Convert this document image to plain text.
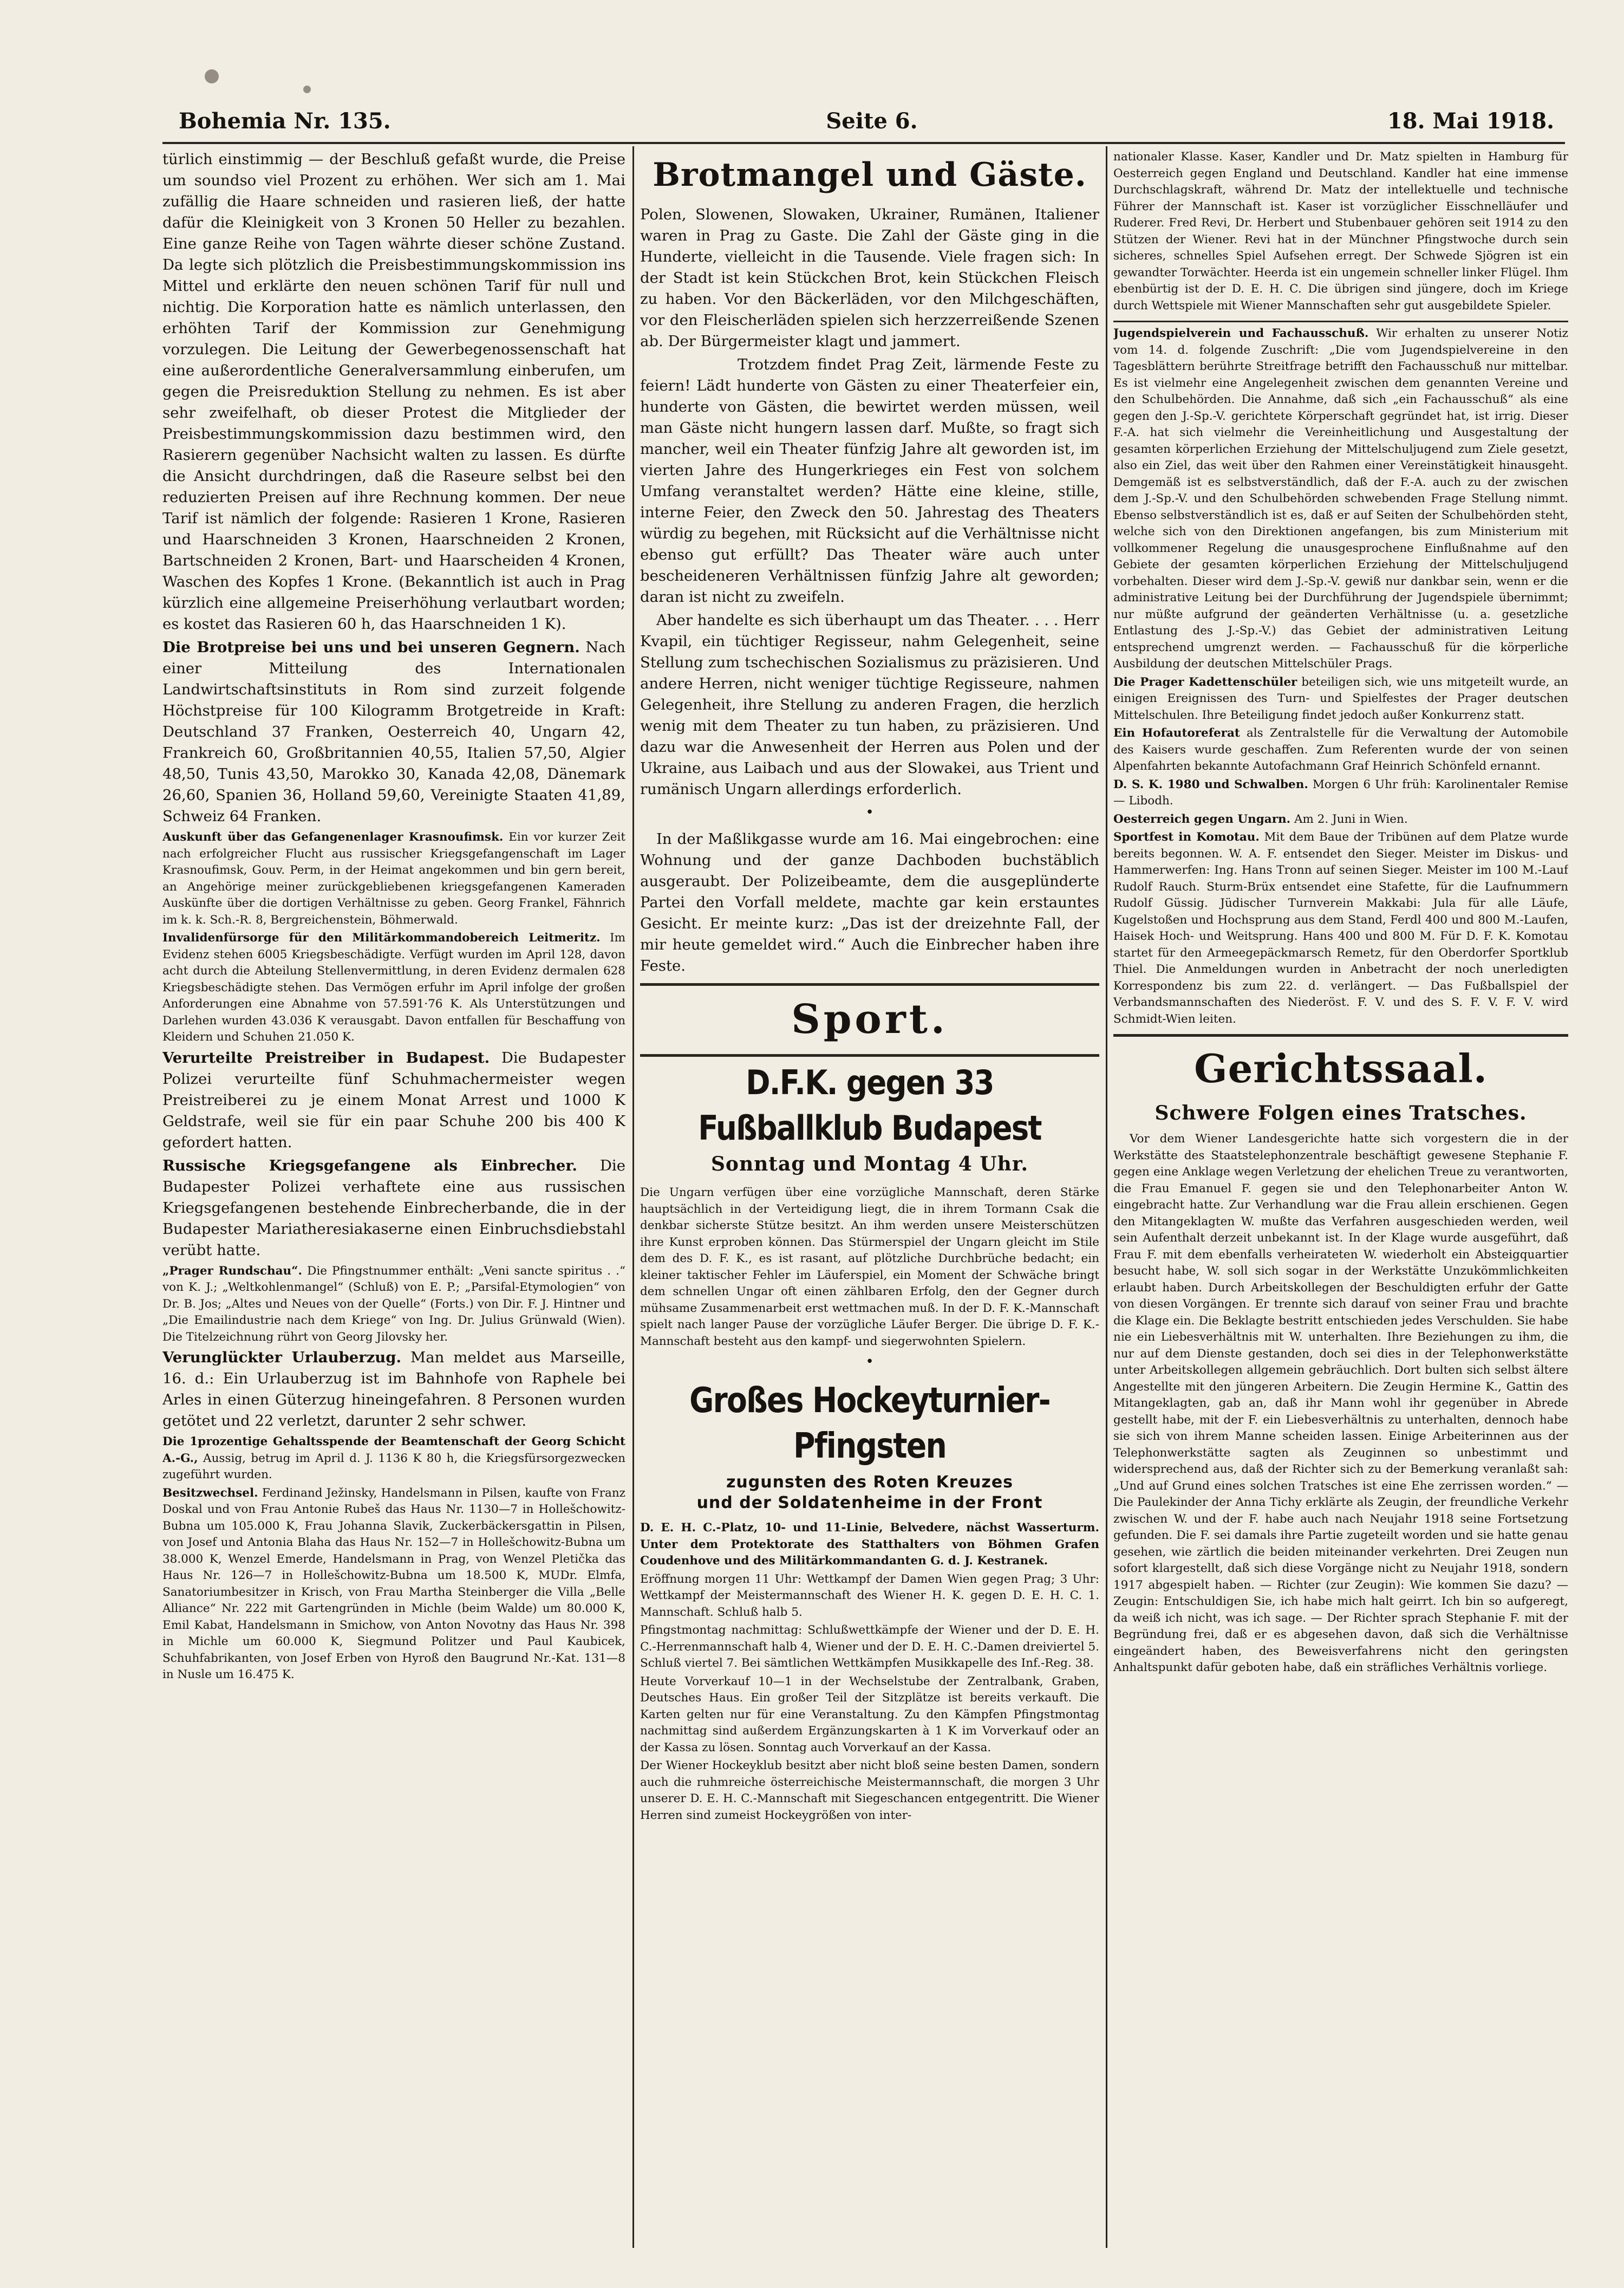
Bohemia Nr. 135.	Seite 6.	18. Mai 1918.

türlich einstimmig — der Beschluß gefaßt wurde, die Preise um soundso viel Prozent zu erhöhen. Wer sich am 1. Mai zufällig die Haare schneiden und rasieren ließ, der hatte dafür die Kleinigkeit von 3 Kronen 50 Heller zu bezahlen. Eine ganze Reihe von Tagen währte dieser schöne Zustand. Da legte sich plötzlich die Preisbestimmungskommission ins Mittel und erklärte den neuen schönen Tarif für null und nichtig. Die Korporation hatte es nämlich unterlassen, den erhöhten Tarif der Kommission zur Genehmigung vorzulegen. Die Leitung der Gewerbegenossenschaft hat eine außerordentliche Generalversammlung einberufen, um gegen die Preisreduktion Stellung zu nehmen. Es ist aber sehr zweifelhaft, ob dieser Protest die Mitglieder der Preisbestimmungskommission dazu bestimmen wird, den Rasierern gegenüber Nachsicht walten zu lassen. Es dürfte die Ansicht durchdringen, daß die Raseure selbst bei den reduzierten Preisen auf ihre Rechnung kommen. Der neue Tarif ist nämlich der folgende: Rasieren 1 Krone, Rasieren und Haarschneiden 3 Kronen, Haarschneiden 2 Kronen, Bartschneiden 2 Kronen, Bart- und Haarscheiden 4 Kronen, Waschen des Kopfes 1 Krone. (Bekanntlich ist auch in Prag kürzlich eine allgemeine Preiserhöhung verlautbart worden; es kostet das Rasieren 60 h, das Haarschneiden 1 K).

Die Brotpreise bei uns und bei unseren Gegnern. Nach einer Mitteilung des Internationalen Landwirtschaftsinstituts in Rom sind zurzeit folgende Höchstpreise für 100 Kilogramm Brotgetreide in Kraft: Deutschland 37 Franken, Oesterreich 40, Ungarn 42, Frankreich 60, Großbritannien 40,55, Italien 57,50, Algier 48,50, Tunis 43,50, Marokko 30, Kanada 42,08, Dänemark 26,60, Spanien 36, Holland 59,60, Vereinigte Staaten 41,89, Schweiz 64 Franken.

Auskunft über das Gefangenenlager Krasnoufimsk. Ein vor kurzer Zeit nach erfolgreicher Flucht aus russischer Kriegsgefangenschaft im Lager Krasnoufimsk, Gouv. Perm, in der Heimat angekommen und bin gern bereit, an Angehörige meiner zurückgebliebenen kriegsgefangenen Kameraden Auskünfte über die dortigen Verhältnisse zu geben. Georg Frankel, Fähnrich im k. k. Sch.-R. 8, Bergreichenstein, Böhmerwald.

Invalidenfürsorge für den Militärkommandobereich Leitmeritz. Im Evidenz stehen 6005 Kriegsbeschädigte. Verfügt wurden im April 128, davon acht durch die Abteilung Stellenvermittlung, in deren Evidenz dermalen 628 Kriegsbeschädigte stehen. Das Vermögen erfuhr im April infolge der großen Anforderungen eine Abnahme von 57.591·76 K. Als Unterstützungen und Darlehen wurden 43.036 K verausgabt. Davon entfallen für Beschaffung von Kleidern und Schuhen 21.050 K.

Verurteilte Preistreiber in Budapest. Die Budapester Polizei verurteilte fünf Schuhmachermeister wegen Preistreiberei zu je einem Monat Arrest und 1000 K Geldstrafe, weil sie für ein paar Schuhe 200 bis 400 K gefordert hatten.

Russische Kriegsgefangene als Einbrecher. Die Budapester Polizei verhaftete eine aus russischen Kriegsgefangenen bestehende Einbrecherbande, die in der Budapester Mariatheresiakaserne einen Einbruchsdiebstahl verübt hatte.

„Prager Rundschau“. Die Pfingstnummer enthält: „Veni sancte spiritus . .“ von K. J.; „Weltkohlenmangel“ (Schluß) von E. P.; „Parsifal-Etymologien“ von Dr. B. Jos; „Altes und Neues von der Quelle“ (Forts.) von Dir. F. J. Hintner und „Die Emailindustrie nach dem Kriege“ von Ing. Dr. Julius Grünwald (Wien). Die Titelzeichnung rührt von Georg Jilovsky her.

Verunglückter Urlauberzug. Man meldet aus Marseille, 16. d.: Ein Urlauberzug ist im Bahnhofe von Raphele bei Arles in einen Güterzug hineingefahren. 8 Personen wurden getötet und 22 verletzt, darunter 2 sehr schwer.

Die 1prozentige Gehaltsspende der Beamtenschaft der Georg Schicht A.-G., Aussig, betrug im April d. J. 1136 K 80 h, die Kriegsfürsorgezwecken zugeführt wurden.

Besitzwechsel. Ferdinand Ježinsky, Handelsmann in Pilsen, kaufte von Franz Doskal und von Frau Antonie Rubeš das Haus Nr. 1130—7 in Hollešchowitz-Bubna um 105.000 K, Frau Johanna Slavik, Zuckerbäckersgattin in Pilsen, von Josef und Antonia Blaha das Haus Nr. 152—7 in Hollešchowitz-Bubna um 38.000 K, Wenzel Emerde, Handelsmann in Prag, von Wenzel Pletička das Haus Nr. 126—7 in Hollešchowitz-Bubna um 18.500 K, MUDr. Elmfa, Sanatoriumbesitzer in Krisch, von Frau Martha Steinberger die Villa „Belle Alliance“ Nr. 222 mit Gartengründen in Michle (beim Walde) um 80.000 K, Emil Kabat, Handelsmann in Smichow, von Anton Novotny das Haus Nr. 398 in Michle um 60.000 K, Siegmund Politzer und Paul Kaubicek, Schuhfabrikanten, von Josef Erben von Hyroß den Baugrund Nr.-Kat. 131—8 in Nusle um 16.475 K.

Brotmangel und Gäste.

Polen, Slowenen, Slowaken, Ukrainer, Rumänen, Italiener waren in Prag zu Gaste. Die Zahl der Gäste ging in die Hunderte, vielleicht in die Tausende. Viele fragen sich: In der Stadt ist kein Stückchen Brot, kein Stückchen Fleisch zu haben. Vor den Bäckerläden, vor den Milchgeschäften, vor den Fleischerläden spielen sich herzzerreißende Szenen ab. Der Bürgermeister klagt und jammert.

Trotzdem findet Prag Zeit, lärmende Feste zu feiern! Lädt hunderte von Gästen zu einer Theaterfeier ein, hunderte von Gästen, die bewirtet werden müssen, weil man Gäste nicht hungern lassen darf. Mußte, so fragt sich mancher, weil ein Theater fünfzig Jahre alt geworden ist, im vierten Jahre des Hungerkrieges ein Fest von solchem Umfang veranstaltet werden? Hätte eine kleine, stille, interne Feier, den Zweck den 50. Jahrestag des Theaters würdig zu begehen, mit Rücksicht auf die Verhältnisse nicht ebenso gut erfüllt? Das Theater wäre auch unter bescheideneren Verhältnissen fünfzig Jahre alt geworden; daran ist nicht zu zweifeln.

Aber handelte es sich überhaupt um das Theater. . . . Herr Kvapil, ein tüchtiger Regisseur, nahm Gelegenheit, seine Stellung zum tschechischen Sozialismus zu präzisieren. Und andere Herren, nicht weniger tüchtige Regisseure, nahmen Gelegenheit, ihre Stellung zu anderen Fragen, die herzlich wenig mit dem Theater zu tun haben, zu präzisieren. Und dazu war die Anwesenheit der Herren aus Polen und der Ukraine, aus Laibach und aus der Slowakei, aus Trient und rumänisch Ungarn allerdings erforderlich.

•

In der Maßlikgasse wurde am 16. Mai eingebrochen: eine Wohnung und der ganze Dachboden buchstäblich ausgeraubt. Der Polizeibeamte, dem die ausgeplünderte Partei den Vorfall meldete, machte gar kein erstauntes Gesicht. Er meinte kurz: „Das ist der dreizehnte Fall, der mir heute gemeldet wird.“ Auch die Einbrecher haben ihre Feste.

Sport.
D.F.K. gegen 33 Fußballklub Budapest
Sonntag und Montag 4 Uhr.

Die Ungarn verfügen über eine vorzügliche Mannschaft, deren Stärke hauptsächlich in der Verteidigung liegt, die in ihrem Tormann Csak die denkbar sicherste Stütze besitzt. An ihm werden unsere Meisterschützen ihre Kunst erproben können. Das Stürmerspiel der Ungarn gleicht im Stile dem des D. F. K., es ist rasant, auf plötzliche Durchbrüche bedacht; ein kleiner taktischer Fehler im Läuferspiel, ein Moment der Schwäche bringt dem schnellen Ungar oft einen zählbaren Erfolg, den der Gegner durch mühsame Zusammenarbeit erst wettmachen muß. In der D. F. K.-Mannschaft spielt nach langer Pause der vorzügliche Läufer Berger. Die übrige D. F. K.-Mannschaft besteht aus den kampf- und siegerwohnten Spielern.

•
Großes Hockeyturnier-Pfingsten
zugunsten des Roten Kreuzes
und der Soldatenheime in der Front

D. E. H. C.-Platz, 10- und 11-Linie, Belvedere, nächst Wasserturm. Unter dem Protektorate des Statthalters von Böhmen Grafen Coudenhove und des Militärkommandanten G. d. J. Kestranek.

Eröffnung morgen 11 Uhr: Wettkampf der Damen Wien gegen Prag; 3 Uhr: Wettkampf der Meistermannschaft des Wiener H. K. gegen D. E. H. C. 1. Mannschaft. Schluß halb 5.

Pfingstmontag nachmittag: Schlußwettkämpfe der Wiener und der D. E. H. C.-Herrenmannschaft halb 4, Wiener und der D. E. H. C.-Damen dreiviertel 5. Schluß viertel 7. Bei sämtlichen Wettkämpfen Musikkapelle des Inf.-Reg. 38.

Heute Vorverkauf 10—1 in der Wechselstube der Zentralbank, Graben, Deutsches Haus. Ein großer Teil der Sitzplätze ist bereits verkauft. Die Karten gelten nur für eine Veranstaltung. Zu den Kämpfen Pfingstmontag nachmittag sind außerdem Ergänzungskarten à 1 K im Vorverkauf oder an der Kassa zu lösen. Sonntag auch Vorverkauf an der Kassa.

Der Wiener Hockeyklub besitzt aber nicht bloß seine besten Damen, sondern auch die ruhmreiche österreichische Meistermannschaft, die morgen 3 Uhr unserer D. E. H. C.-Mannschaft mit Siegeschancen entgegentritt. Die Wiener Herren sind zumeist Hockeygrößen von inter-

nationaler Klasse. Kaser, Kandler und Dr. Matz spielten in Hamburg für Oesterreich gegen England und Deutschland. Kandler hat eine immense Durchschlagskraft, während Dr. Matz der intellektuelle und technische Führer der Mannschaft ist. Kaser ist vorzüglicher Eisschnelläufer und Ruderer. Fred Revi, Dr. Herbert und Stubenbauer gehören seit 1914 zu den Stützen der Wiener. Revi hat in der Münchner Pfingstwoche durch sein sicheres, schnelles Spiel Aufsehen erregt. Der Schwede Sjögren ist ein gewandter Torwächter. Heerda ist ein ungemein schneller linker Flügel. Ihm ebenbürtig ist der D. E. H. C. Die übrigen sind jüngere, doch im Kriege durch Wettspiele mit Wiener Mannschaften sehr gut ausgebildete Spieler.

Jugendspielverein und Fachausschuß. Wir erhalten zu unserer Notiz vom 14. d. folgende Zuschrift: „Die vom Jugendspielvereine in den Tagesblättern berührte Streitfrage betrifft den Fachausschuß nur mittelbar. Es ist vielmehr eine Angelegenheit zwischen dem genannten Vereine und den Schulbehörden. Die Annahme, daß sich „ein Fachausschuß“ als eine gegen den J.-Sp.-V. gerichtete Körperschaft gegründet hat, ist irrig. Dieser F.-A. hat sich vielmehr die Vereinheitlichung und Ausgestaltung der gesamten körperlichen Erziehung der Mittelschuljugend zum Ziele gesetzt, also ein Ziel, das weit über den Rahmen einer Vereinstätigkeit hinausgeht. Demgemäß ist es selbstverständlich, daß der F.-A. auch zu der zwischen dem J.-Sp.-V. und den Schulbehörden schwebenden Frage Stellung nimmt. Ebenso selbstverständlich ist es, daß er auf Seiten der Schulbehörden steht, welche sich von den Direktionen angefangen, bis zum Ministerium mit vollkommener Regelung die unausgesprochene Einflußnahme auf den Gebiete der gesamten körperlichen Erziehung der Mittelschuljugend vorbehalten. Dieser wird dem J.-Sp.-V. gewiß nur dankbar sein, wenn er die administrative Leitung bei der Durchführung der Jugendspiele übernimmt; nur müßte aufgrund der geänderten Verhältnisse (u. a. gesetzliche Entlastung des J.-Sp.-V.) das Gebiet der administrativen Leitung entsprechend umgrenzt werden. — Fachausschuß für die körperliche Ausbildung der deutschen Mittelschüler Prags.

Die Prager Kadettenschüler beteiligen sich, wie uns mitgeteilt wurde, an einigen Ereignissen des Turn- und Spielfestes der Prager deutschen Mittelschulen. Ihre Beteiligung findet jedoch außer Konkurrenz statt.

Ein Hofautoreferat als Zentralstelle für die Verwaltung der Automobile des Kaisers wurde geschaffen. Zum Referenten wurde der von seinen Alpenfahrten bekannte Autofachmann Graf Heinrich Schönfeld ernannt.

D. S. K. 1980 und Schwalben. Morgen 6 Uhr früh: Karolinentaler Remise — Libodh.

Oesterreich gegen Ungarn. Am 2. Juni in Wien.

Sportfest in Komotau. Mit dem Baue der Tribünen auf dem Platze wurde bereits begonnen. W. A. F. entsendet den Sieger. Meister im Diskus- und Hammerwerfen: Ing. Hans Tronn auf seinen Sieger. Meister im 100 M.-Lauf Rudolf Rauch. Sturm-Brüx entsendet eine Stafette, für die Laufnummern Rudolf Güssig. Jüdischer Turnverein Makkabi: Jula für alle Läufe, Kugelstoßen und Hochsprung aus dem Stand, Ferdl 400 und 800 M.-Laufen, Haisek Hoch- und Weitsprung. Hans 400 und 800 M. Für D. F. K. Komotau startet für den Armeegepäckmarsch Remetz, für den Oberdorfer Sportklub Thiel. Die Anmeldungen wurden in Anbetracht der noch unerledigten Korrespondenz bis zum 22. d. verlängert. — Das Fußballspiel der Verbandsmannschaften des Niederöst. F. V. und des S. F. V. F. V. wird Schmidt-Wien leiten.

Gerichtssaal.
Schwere Folgen eines Tratsches.

Vor dem Wiener Landesgerichte hatte sich vorgestern die in der Werkstätte des Staatstelephonzentrale beschäftigt gewesene Stephanie F. gegen eine Anklage wegen Verletzung der ehelichen Treue zu verantworten, die Frau Emanuel F. gegen sie und den Telephonarbeiter Anton W. eingebracht hatte. Zur Verhandlung war die Frau allein erschienen. Gegen den Mitangeklagten W. mußte das Verfahren ausgeschieden werden, weil sein Aufenthalt derzeit unbekannt ist. In der Klage wurde ausgeführt, daß Frau F. mit dem ebenfalls verheirateten W. wiederholt ein Absteigquartier besucht habe, W. soll sich sogar in der Werkstätte Unzukömmlichkeiten erlaubt haben. Durch Arbeitskollegen der Beschuldigten erfuhr der Gatte von diesen Vorgängen. Er trennte sich darauf von seiner Frau und brachte die Klage ein. Die Beklagte bestritt entschieden jedes Verschulden. Sie habe nie ein Liebesverhältnis mit W. unterhalten. Ihre Beziehungen zu ihm, die nur auf dem Dienste gestanden, doch sei dies in der Telephonwerkstätte unter Arbeitskollegen allgemein gebräuchlich. Dort bulten sich selbst ältere Angestellte mit den jüngeren Arbeitern. Die Zeugin Hermine K., Gattin des Mitangeklagten, gab an, daß ihr Mann wohl ihr gegenüber in Abrede gestellt habe, mit der F. ein Liebesverhältnis zu unterhalten, dennoch habe sie sich von ihrem Manne scheiden lassen. Einige Arbeiterinnen aus der Telephonwerkstätte sagten als Zeuginnen so unbestimmt und widersprechend aus, daß der Richter sich zu der Bemerkung veranlaßt sah: „Und auf Grund eines solchen Tratsches ist eine Ehe zerrissen worden.“ — Die Paulekinder der Anna Tichy erklärte als Zeugin, der freundliche Verkehr zwischen W. und der F. habe auch nach Neujahr 1918 seine Fortsetzung gefunden. Die F. sei damals ihre Partie zugeteilt worden und sie hatte genau gesehen, wie zärtlich die beiden miteinander verkehrten. Drei Zeugen nun sofort klargestellt, daß sich diese Vorgänge nicht zu Neujahr 1918, sondern 1917 abgespielt haben. — Richter (zur Zeugin): Wie kommen Sie dazu? — Zeugin: Entschuldigen Sie, ich habe mich halt geirrt. Ich bin so aufgeregt, da weiß ich nicht, was ich sage. — Der Richter sprach Stephanie F. mit der Begründung frei, daß er es abgesehen davon, daß sich die Verhältnisse eingeändert haben, des Beweisverfahrens nicht den geringsten Anhaltspunkt dafür geboten habe, daß ein sträfliches Verhältnis vorliege.
